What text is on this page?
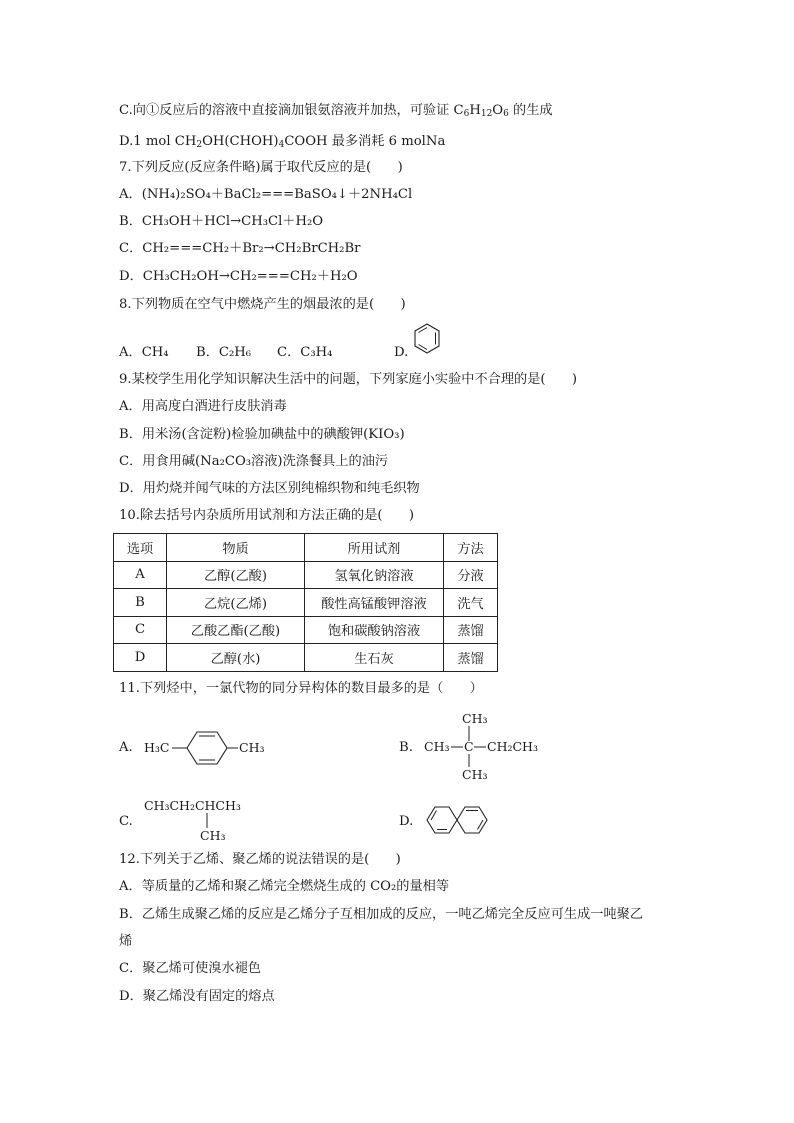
C.向①反应后的溶液中直接滴加银氨溶液并加热，可验证 $C_6H_{12}O_6$ 的生成
D.1 mol $CH_2OH(CHOH)_4COOH$ 最多消耗 6 molNa
7.下列反应(反应条件略)属于取代反应的是(　　)
A．(NH₄)₂SO₄＋BaCl₂===BaSO₄↓＋2NH₄Cl
B．CH₃OH＋HCl→CH₃Cl＋H₂O
C．CH₂===CH₂＋Br₂→CH₂BrCH₂Br
D．CH₃CH₂OH→CH₂===CH₂＋H₂O
8.下列物质在空气中燃烧产生的烟最浓的是(　　)
A．CH₄ B．C₂H₆ C．C₃H₄	D.
9.某校学生用化学知识解决生活中的问题，下列家庭小实验中不合理的是(　　)
A．用高度白酒进行皮肤消毒
B．用米汤(含淀粉)检验加碘盐中的碘酸钾(KIO₃)
C．用食用碱(Na₂CO₃溶液)洗涤餐具上的油污
D．用灼烧并闻气味的方法区别纯棉织物和纯毛织物
10.除去括号内杂质所用试剂和方法正确的是(　　)
选项	物质	所用试剂	方法
A	乙醇(乙酸)	氢氧化钠溶液	分液
B	乙烷(乙烯)	酸性高锰酸钾溶液	洗气
C	乙酸乙酯(乙酸)	饱和碳酸钠溶液	蒸馏
D	乙醇(水)	生石灰	蒸馏
11.下列烃中，一氯代物的同分异构体的数目最多的是（　　）
A. H₃C	CH₃	B.
CH₃
CH₃ C CH₂CH₃
CH₃
C.
CH₃CH₂CHCH₃
CH₃
D.
12.下列关于乙烯、聚乙烯的说法错误的是(　　)
A．等质量的乙烯和聚乙烯完全燃烧生成的 CO₂的量相等
B．乙烯生成聚乙烯的反应是乙烯分子互相加成的反应，一吨乙烯完全反应可生成一吨聚乙
烯
C．聚乙烯可使溴水褪色
D．聚乙烯没有固定的熔点
